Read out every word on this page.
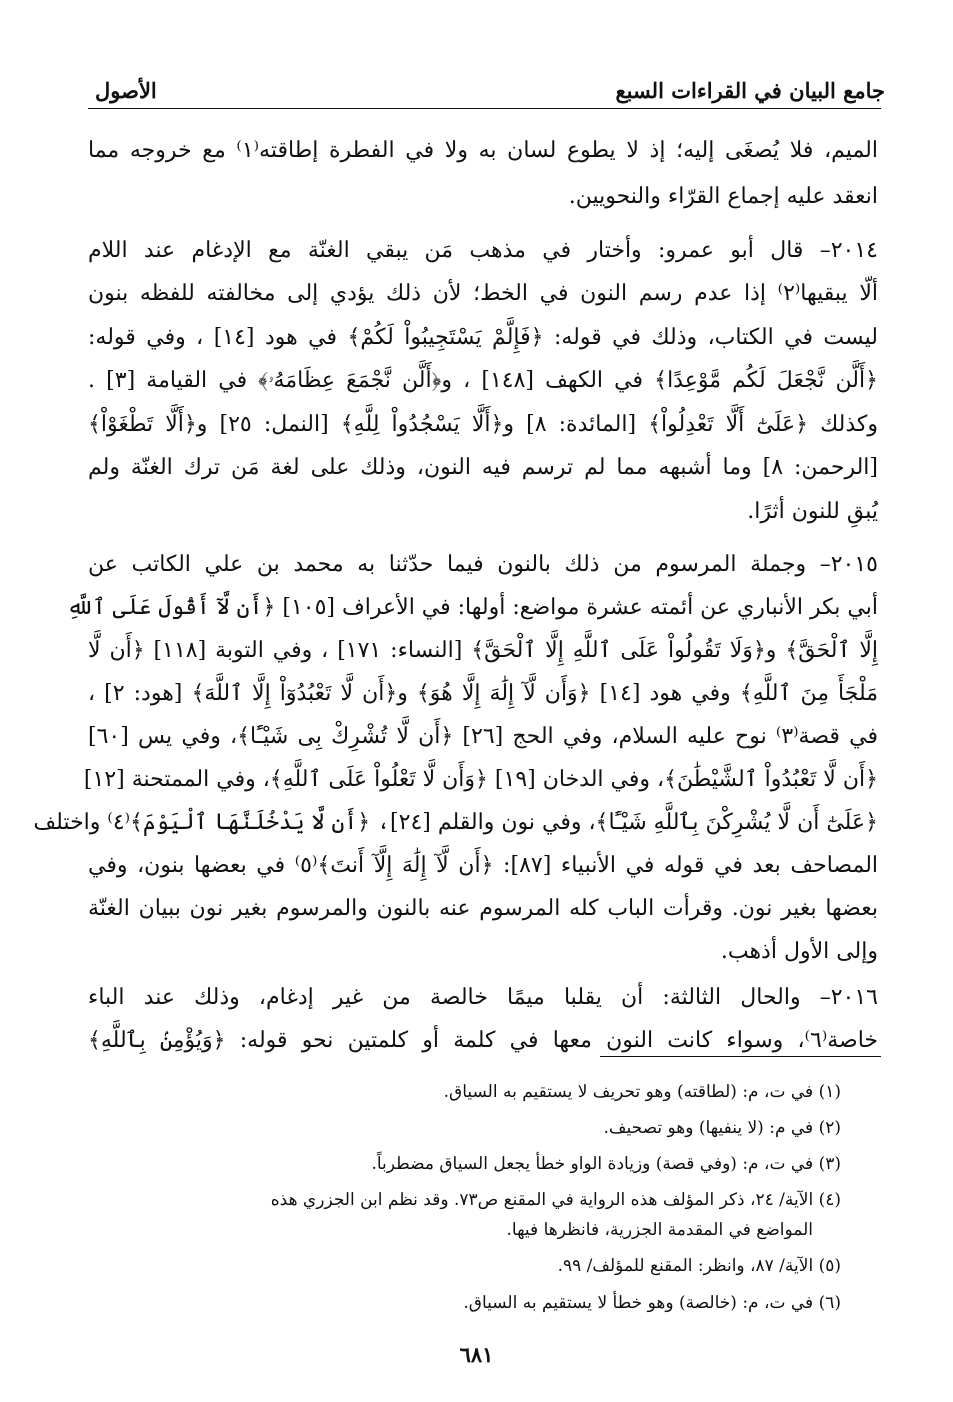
جامع البيان في القراءات السبع
الأصول
الميم، فلا يُصغَى إليه؛ إذ لا يطوع لسان به ولا في الفطرة إطاقته⁽١⁾ مع خروجه مما
انعقد عليه إجماع القرّاء والنحويين.
٢٠١٤– قال أبو عمرو: وأختار في مذهب مَن يبقي الغنّة مع الإدغام عند اللام
ألّا يبقيها⁽٢⁾ إذا عدم رسم النون في الخط؛ لأن ذلك يؤدي إلى مخالفته للفظه بنون
ليست في الكتاب، وذلك في قوله: ﴿فَإِلَّمْ يَسْتَجِيبُواْ لَكُمْ﴾ في هود [١٤] ، وفي قوله:
﴿أَلَّن نَّجْعَلَ لَكُم مَّوْعِدًا﴾ في الكهف [١٤٨] ، و﴿أَلَّن نَّجْمَعَ عِظَامَهُۥ﴾ في القيامة [٣] .
وكذلك ﴿عَلَىٰٓ أَلَّا تَعْدِلُواْ﴾ [المائدة: ٨] و﴿أَلَّا يَسْجُدُواْ لِلَّهِ﴾ [النمل: ٢٥] و﴿أَلَّا تَطْغَوْاْ﴾
[الرحمن: ٨] وما أشبهه مما لم ترسم فيه النون، وذلك على لغة مَن ترك الغنّة ولم
يُبقِ للنون أثرًا.
٢٠١٥– وجملة المرسوم من ذلك بالنون فيما حدّثنا به محمد بن علي الكاتب عن
أبي بكر الأنباري عن أئمته عشرة مواضع: أولها: في الأعراف [١٠٥] ﴿أَن لَّآ أَقُولَ عَلَى ٱللَّهِ
إِلَّا ٱلْحَقَّ﴾ و﴿وَلَا تَقُولُواْ عَلَى ٱللَّهِ إِلَّا ٱلْحَقَّ﴾ [النساء: ١٧١] ، وفي التوبة [١١٨] ﴿أَن لَّا
مَلْجَأَ مِنَ ٱللَّهِ﴾ وفي هود [١٤] ﴿وَأَن لَّآ إِلَٰهَ إِلَّا هُوَ﴾ و﴿أَن لَّا تَعْبُدُوٓاْ إِلَّا ٱللَّهَ﴾ [هود: ٢] ،
في قصة⁽٣⁾ نوح عليه السلام، وفي الحج [٢٦] ﴿أَن لَّا تُشْرِكْ بِى شَيْـًٔا﴾، وفي يس [٦٠]
﴿أَن لَّا تَعْبُدُواْ ٱلشَّيْطَٰنَ﴾، وفي الدخان [١٩] ﴿وَأَن لَّا تَعْلُواْ عَلَى ٱللَّهِ﴾، وفي الممتحنة [١٢]
﴿عَلَىٰٓ أَن لَّا يُشْرِكْنَ بِٱللَّهِ شَيْـًٔا﴾، وفي نون والقلم [٢٤]، ﴿أَن لَّا يَدْخُلَنَّهَا ٱلْيَوْمَ﴾⁽٤⁾ واختلف
المصاحف بعد في قوله في الأنبياء [٨٧]: ﴿أَن لَّآ إِلَٰهَ إِلَّآ أَنتَ﴾⁽٥⁾ في بعضها بنون، وفي
بعضها بغير نون. وقرأت الباب كله المرسوم عنه بالنون والمرسوم بغير نون ببيان الغنّة
وإلى الأول أذهب.
٢٠١٦– والحال الثالثة: أن يقلبا ميمًا خالصة من غير إدغام، وذلك عند الباء
خاصة⁽٦⁾، وسواء كانت النون معها في كلمة أو كلمتين نحو قوله: ﴿وَيُؤْمِنۢ بِٱللَّهِ﴾
(١) في ت، م: (لطاقته) وهو تحريف لا يستقيم به السياق.
(٢) في م: (لا ينفيها) وهو تصحيف.
(٣) في ت، م: (وفي قصة) وزيادة الواو خطأ يجعل السياق مضطرباً.
(٤) الآية/ ٢٤، ذكر المؤلف هذه الرواية في المقنع ص٧٣. وقد نظم ابن الجزري هذه
المواضع في المقدمة الجزرية، فانظرها فيها.
(٥) الآية/ ٨٧، وانظر: المقنع للمؤلف/ ٩٩.
(٦) في ت، م: (خالصة) وهو خطأ لا يستقيم به السياق.
٦٨١
